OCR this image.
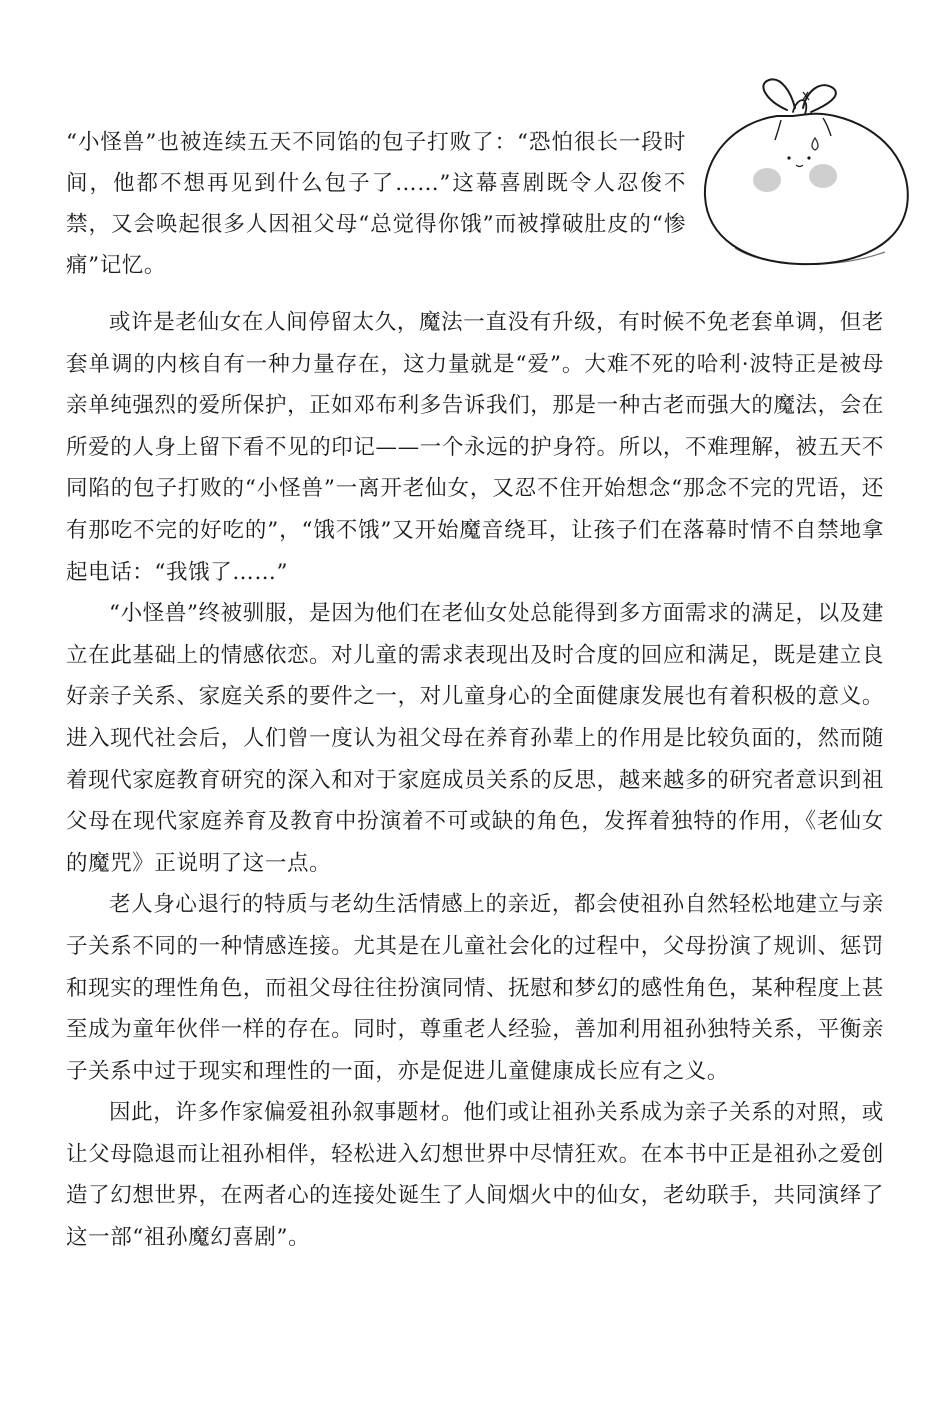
“小怪兽”也被连续五天不同馅的包子打败了：“恐怕很长一段时间，他都不想再见到什么包子了……”这幕喜剧既令人忍俊不禁，又会唤起很多人因祖父母“总觉得你饿”而被撑破肚皮的“惨痛”记忆。

或许是老仙女在人间停留太久，魔法一直没有升级，有时候不免老套单调，但老套单调的内核自有一种力量存在，这力量就是“爱”。大难不死的哈利·波特正是被母亲单纯强烈的爱所保护，正如邓布利多告诉我们，那是一种古老而强大的魔法，会在所爱的人身上留下看不见的印记——一个永远的护身符。所以，不难理解，被五天不同陷的包子打败的“小怪兽”一离开老仙女，又忍不住开始想念“那念不完的咒语，还有那吃不完的好吃的”，“饿不饿”又开始魔音绕耳，让孩子们在落幕时情不自禁地拿起电话：“我饿了……”

“小怪兽”终被驯服，是因为他们在老仙女处总能得到多方面需求的满足，以及建立在此基础上的情感依恋。对儿童的需求表现出及时合度的回应和满足，既是建立良好亲子关系、家庭关系的要件之一，对儿童身心的全面健康发展也有着积极的意义。进入现代社会后，人们曾一度认为祖父母在养育孙辈上的作用是比较负面的，然而随着现代家庭教育研究的深入和对于家庭成员关系的反思，越来越多的研究者意识到祖父母在现代家庭养育及教育中扮演着不可或缺的角色，发挥着独特的作用，《老仙女的魔咒》正说明了这一点。

老人身心退行的特质与老幼生活情感上的亲近，都会使祖孙自然轻松地建立与亲子关系不同的一种情感连接。尤其是在儿童社会化的过程中，父母扮演了规训、惩罚和现实的理性角色，而祖父母往往扮演同情、抚慰和梦幻的感性角色，某种程度上甚至成为童年伙伴一样的存在。同时，尊重老人经验，善加利用祖孙独特关系，平衡亲子关系中过于现实和理性的一面，亦是促进儿童健康成长应有之义。

因此，许多作家偏爱祖孙叙事题材。他们或让祖孙关系成为亲子关系的对照，或让父母隐退而让祖孙相伴，轻松进入幻想世界中尽情狂欢。在本书中正是祖孙之爱创造了幻想世界，在两者心的连接处诞生了人间烟火中的仙女，老幼联手，共同演绎了这一部“祖孙魔幻喜剧”。
